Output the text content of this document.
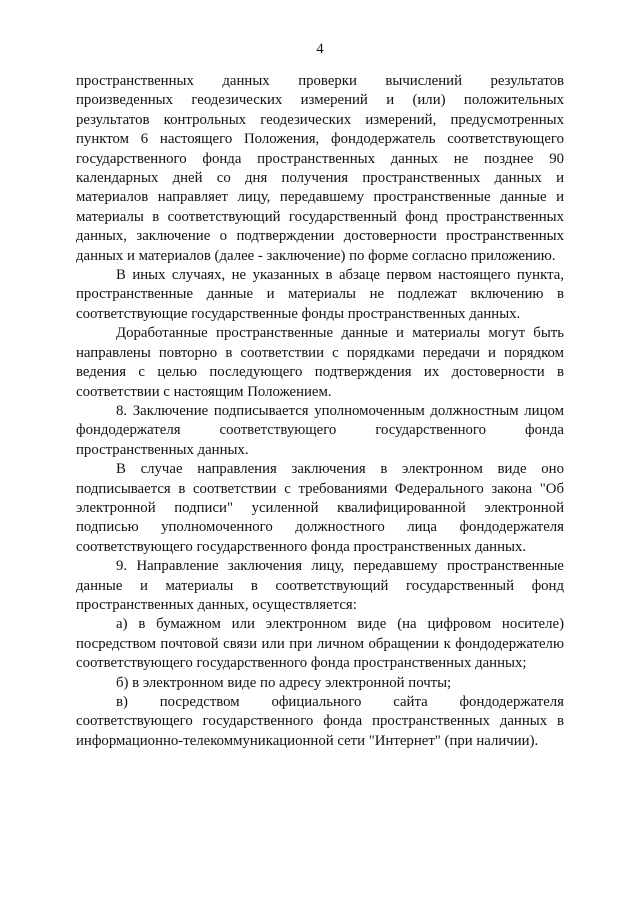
4

пространственных данных проверки вычислений результатов произведенных геодезических измерений и (или) положительных результатов контрольных геодезических измерений, предусмотренных пунктом 6 настоящего Положения, фондодержатель соответствующего государственного фонда пространственных данных не позднее 90 календарных дней со дня получения пространственных данных и материалов направляет лицу, передавшему пространственные данные и материалы в соответствующий государственный фонд пространственных данных, заключение о подтверждении достоверности пространственных данных и материалов (далее - заключение) по форме согласно приложению.

В иных случаях, не указанных в абзаце первом настоящего пункта, пространственные данные и материалы не подлежат включению в соответствующие государственные фонды пространственных данных.

Доработанные пространственные данные и материалы могут быть направлены повторно в соответствии с порядками передачи и порядком ведения с целью последующего подтверждения их достоверности в соответствии с настоящим Положением.

8. Заключение подписывается уполномоченным должностным лицом фондодержателя соответствующего государственного фонда пространственных данных.

В случае направления заключения в электронном виде оно подписывается в соответствии с требованиями Федерального закона "Об электронной подписи" усиленной квалифицированной электронной подписью уполномоченного должностного лица фондодержателя соответствующего государственного фонда пространственных данных.

9. Направление заключения лицу, передавшему пространственные данные и материалы в соответствующий государственный фонд пространственных данных, осуществляется:

а) в бумажном или электронном виде (на цифровом носителе) посредством почтовой связи или при личном обращении к фондодержателю соответствующего государственного фонда пространственных данных;

б) в электронном виде по адресу электронной почты;

в) посредством официального сайта фондодержателя соответствующего государственного фонда пространственных данных в информационно-телекоммуникационной сети "Интернет" (при наличии).
